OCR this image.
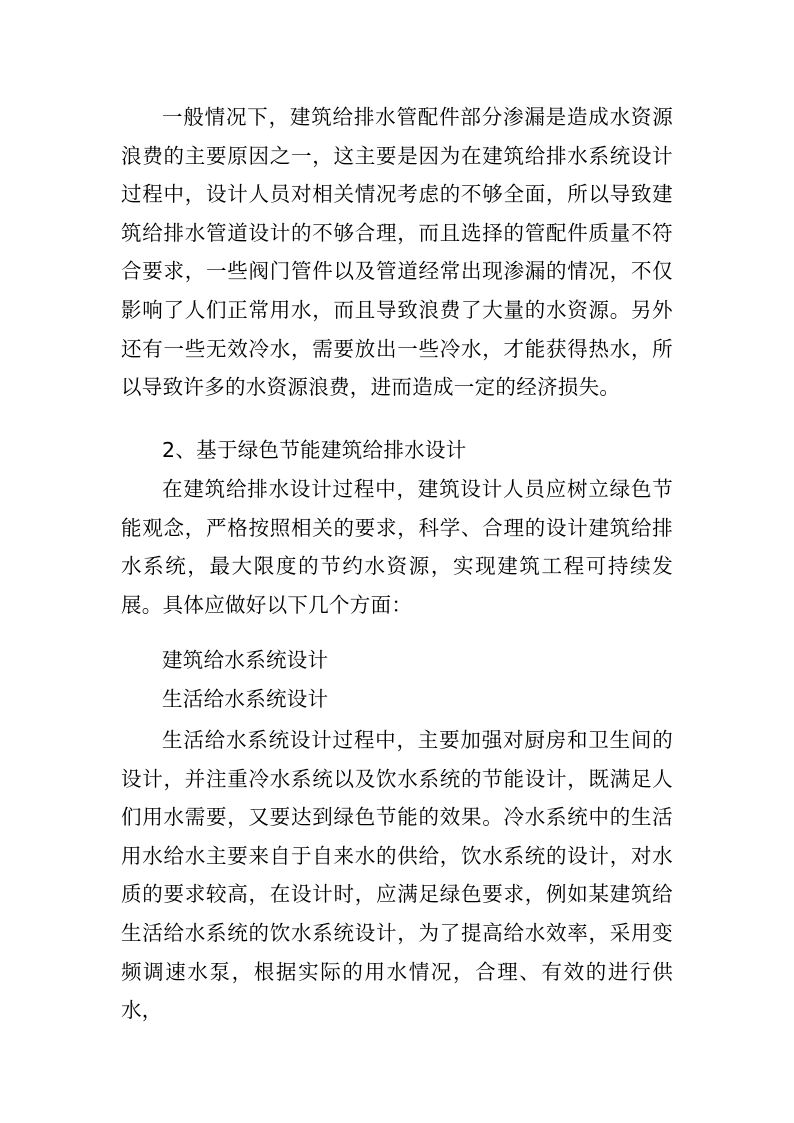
一般情况下，建筑给排水管配件部分渗漏是造成水资源浪费的主要原因之一，这主要是因为在建筑给排水系统设计过程中，设计人员对相关情况考虑的不够全面，所以导致建筑给排水管道设计的不够合理，而且选择的管配件质量不符合要求，一些阀门管件以及管道经常出现渗漏的情况，不仅影响了人们正常用水，而且导致浪费了大量的水资源。另外还有一些无效冷水，需要放出一些冷水，才能获得热水，所以导致许多的水资源浪费，进而造成一定的经济损失。

2、基于绿色节能建筑给排水设计

在建筑给排水设计过程中，建筑设计人员应树立绿色节能观念，严格按照相关的要求，科学、合理的设计建筑给排水系统，最大限度的节约水资源，实现建筑工程可持续发展。具体应做好以下几个方面：

建筑给水系统设计

生活给水系统设计

生活给水系统设计过程中，主要加强对厨房和卫生间的设计，并注重冷水系统以及饮水系统的节能设计，既满足人们用水需要，又要达到绿色节能的效果。冷水系统中的生活用水给水主要来自于自来水的供给，饮水系统的设计，对水质的要求较高，在设计时，应满足绿色要求，例如某建筑给生活给水系统的饮水系统设计，为了提高给水效率，采用变频调速水泵，根据实际的用水情况，合理、有效的进行供水，
